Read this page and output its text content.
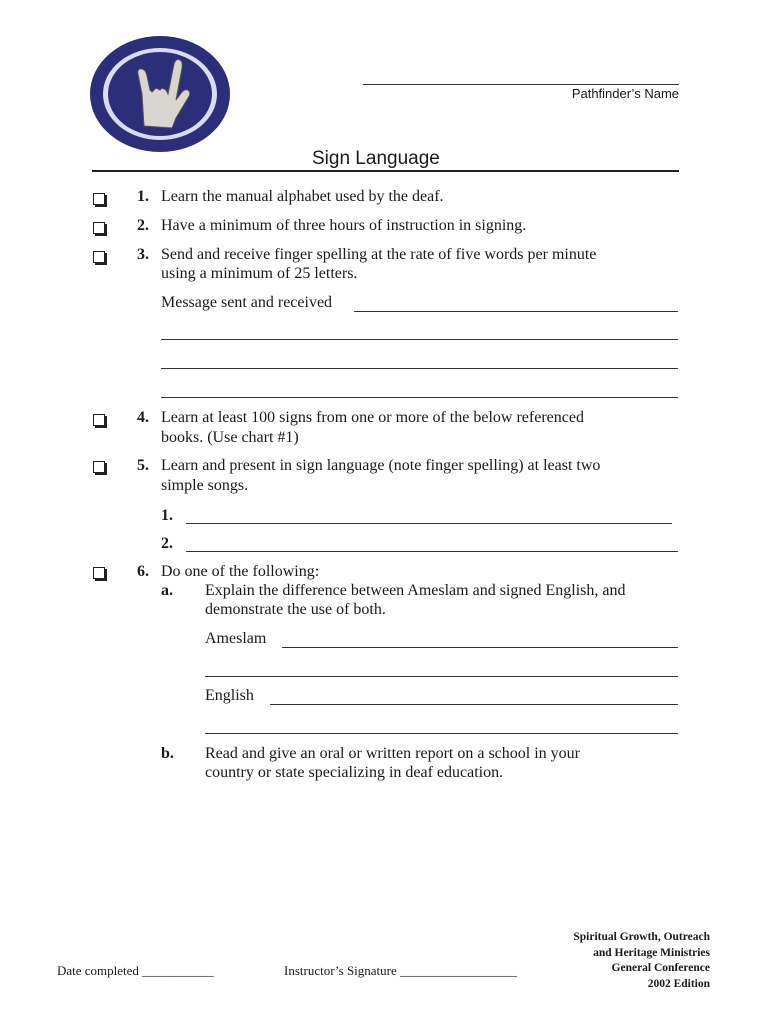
Pathfinder’s Name
Sign Language
1. Learn the manual alphabet used by the deaf.
2. Have a minimum of three hours of instruction in signing.
3. Send and receive finger spelling at the rate of five words per minute
using a minimum of 25 letters.
Message sent and received
4. Learn at least 100 signs from one or more of the below referenced
books. (Use chart #1)
5. Learn and present in sign language (note finger spelling) at least two
simple songs.
1.
2.
6. Do one of the following:
a. Explain the difference between Ameslam and signed English, and
demonstrate the use of both.
Ameslam
English
b. Read and give an oral or written report on a school in your
country or state specializing in deaf education.
Date completed ___________	Instructor’s Signature __________________
Spiritual Growth, Outreach
and Heritage Ministries
General Conference
2002 Edition
